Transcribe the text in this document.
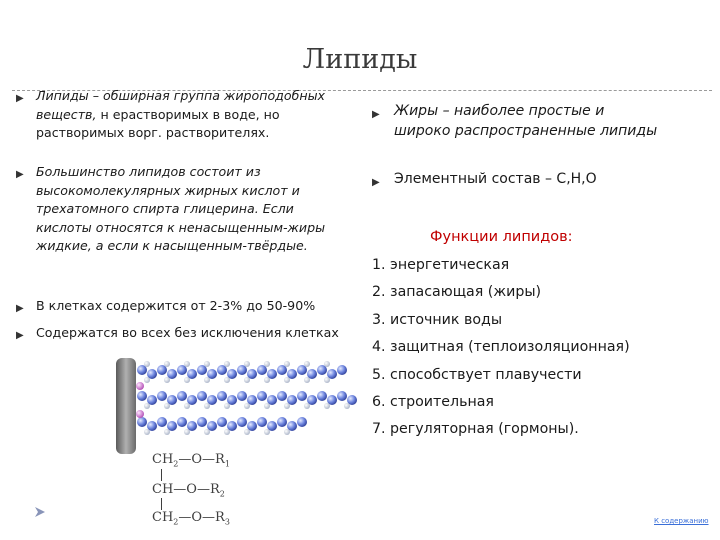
Липиды
▶ Липиды – обширная группа жироподобных веществ, н ерастворимых в воде, но растворимых ворг. растворителях.
▶ Большинство липидов состоит из высокомолекулярных жирных кислот и трехатомного спирта глицерина. Если кислоты относятся к ненасыщенным-жиры жидкие, а если к насыщенным-твёрдые.
▶ В клетках содержится от 2-3% до 50-90%
▶ Содержатся во всех без исключения клетках
▶ Жиры – наиболее простые и широко распространенные липиды
▶ Элементный состав – С,Н,О
Функции липидов:
1. энергетическая
2. запасающая (жиры)
3. источник воды
4. защитная (теплоизоляционная)
5. способствует плавучести
6. строительная
7. регуляторная (гормоны).
$CH_2—O—R_1$
$CH—O—R_2$
$CH_2—O—R_3$	К содержанию
